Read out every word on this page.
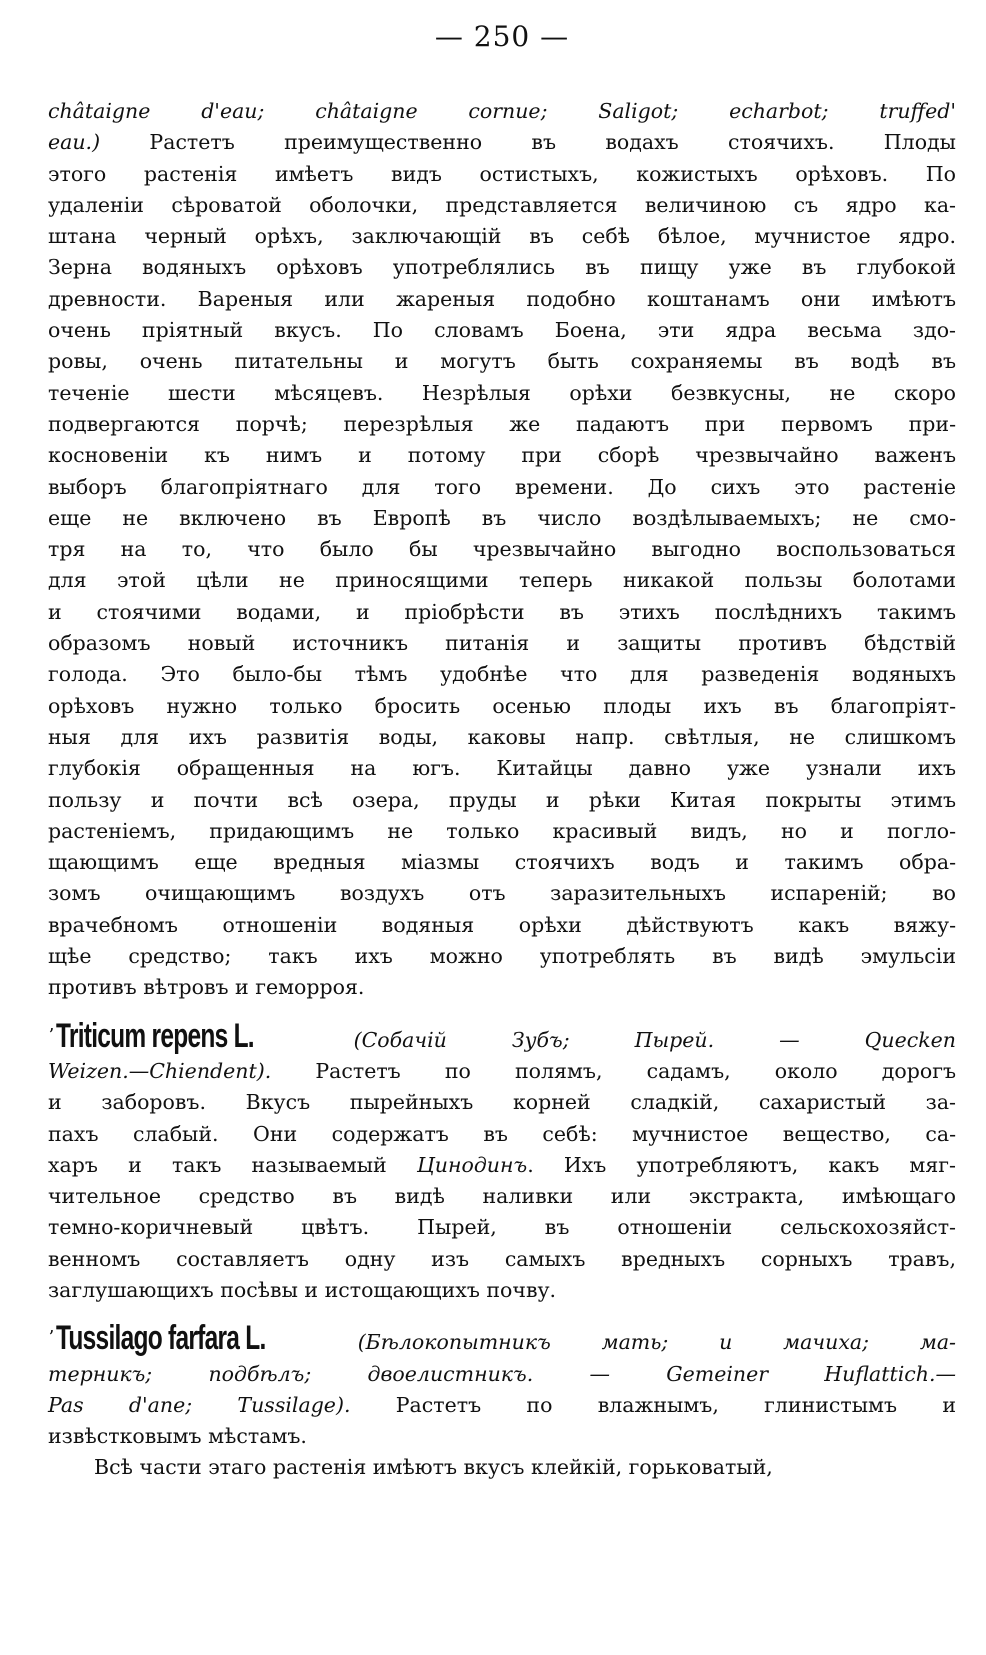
— 250 —
châtaigne d'eau; châtaigne cornue; Saligot; echarbot; truffed'
eau.) Растетъ преимущественно въ водахъ стоячихъ. Плоды
этого растенія имѣетъ видъ остистыхъ, кожистыхъ орѣховъ. По
удаленіи сѣроватой оболочки, представляется величиною съ ядро ка-
штана черный орѣхъ, заключающій въ себѣ бѣлое, мучнистое ядро.
Зерна водяныхъ орѣховъ употреблялись въ пищу уже въ глубокой
древности. Вареныя или жареныя подобно коштанамъ они имѣютъ
очень пріятный вкусъ. По словамъ Боена, эти ядра весьма здо-
ровы, очень питательны и могутъ быть сохраняемы въ водѣ въ
теченіе шести мѣсяцевъ. Незрѣлыя орѣхи безвкусны, не скоро
подвергаются порчѣ; перезрѣлыя же падаютъ при первомъ при-
косновеніи къ нимъ и потому при сборѣ чрезвычайно важенъ
выборъ благопріятнаго для того времени. До сихъ это растеніе
еще не включено въ Европѣ въ число воздѣлываемыхъ; не смо-
тря на то, что было бы чрезвычайно выгодно воспользоваться
для этой цѣли не приносящими теперь никакой пользы болотами
и стоячими водами, и пріобрѣсти въ этихъ послѣднихъ такимъ
образомъ новый источникъ питанія и защиты противъ бѣдствій
голода. Это было-бы тѣмъ удобнѣе что для разведенія водяныхъ
орѣховъ нужно только бросить осенью плоды ихъ въ благопріят-
ныя для ихъ развитія воды, каковы напр. свѣтлыя, не слишкомъ
глубокія обращенныя на югъ. Китайцы давно уже узнали ихъ
пользу и почти всѣ озера, пруды и рѣки Китая покрыты этимъ
растеніемъ, придающимъ не только красивый видъ, но и погло-
щающимъ еще вредныя міазмы стоячихъ водъ и такимъ обра-
зомъ очищающимъ воздухъ отъ заразительныхъ испареній; во
врачебномъ отношеніи водяныя орѣхи дѣйствуютъ какъ вяжу-
щѣе средство; такъ ихъ можно употреблять въ видѣ эмульсіи
противъ вѣтровъ и геморроя.
ʼTriticum repens L.	(Собачій Зубъ; Пырей. — Quecken
Weizen.—Chiendent). Растетъ по полямъ, садамъ, около дорогъ
и заборовъ. Вкусъ пырейныхъ корней сладкій, сахаристый за-
пахъ слабый. Они содержатъ въ себѣ: мучнистое вещество, са-
харъ и такъ называемый Цинодинъ. Ихъ употребляютъ, какъ мяг-
чительное средство въ видѣ наливки или экстракта, имѣющаго
темно-коричневый цвѣтъ. Пырей, въ отношеніи сельскохозяйст-
венномъ составляетъ одну изъ самыхъ вредныхъ сорныхъ травъ,
заглушающихъ посѣвы и истощающихъ почву.
ʼTussilago farfara L.	(Бѣлокопытникъ мать; и мачиха; ма-
терникъ; подбѣлъ; двоелистникъ. — Gemeiner Huflattich.—
Pas d'ane; Tussilage). Растетъ по влажнымъ, глинистымъ и
извѣстковымъ мѣстамъ.
Всѣ части этаго растенія имѣютъ вкусъ клейкій, горьковатый,
